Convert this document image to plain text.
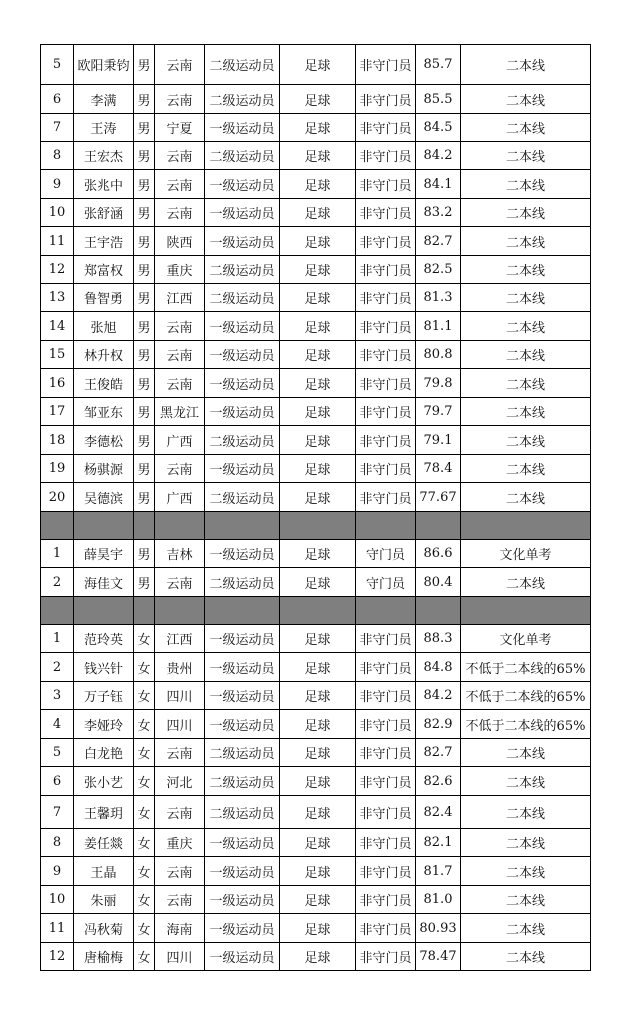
5	欧阳秉钧	男	云南	二级运动员	足球	非守门员	85.7	二本线
6	李满	男	云南	二级运动员	足球	非守门员	85.5	二本线
7	王涛	男	宁夏	一级运动员	足球	非守门员	84.5	二本线
8	王宏杰	男	云南	二级运动员	足球	非守门员	84.2	二本线
9	张兆中	男	云南	一级运动员	足球	非守门员	84.1	二本线
10	张舒涵	男	云南	一级运动员	足球	非守门员	83.2	二本线
11	王宇浩	男	陕西	一级运动员	足球	非守门员	82.7	二本线
12	郑富权	男	重庆	二级运动员	足球	非守门员	82.5	二本线
13	鲁智勇	男	江西	二级运动员	足球	非守门员	81.3	二本线
14	张旭	男	云南	一级运动员	足球	非守门员	81.1	二本线
15	林升权	男	云南	一级运动员	足球	非守门员	80.8	二本线
16	王俊皓	男	云南	一级运动员	足球	非守门员	79.8	二本线
17	邹亚东	男	黑龙江	一级运动员	足球	非守门员	79.7	二本线
18	李德松	男	广西	二级运动员	足球	非守门员	79.1	二本线
19	杨骐源	男	云南	一级运动员	足球	非守门员	78.4	二本线
20	吴德滨	男	广西	二级运动员	足球	非守门员	77.67	二本线

1	薛昊宇	男	吉林	一级运动员	足球	守门员	86.6	文化单考
2	海佳文	男	云南	二级运动员	足球	守门员	80.4	二本线

1	范玲英	女	江西	一级运动员	足球	非守门员	88.3	文化单考
2	钱兴针	女	贵州	一级运动员	足球	非守门员	84.8	不低于二本线的65%
3	万子钰	女	四川	一级运动员	足球	非守门员	84.2	不低于二本线的65%
4	李娅玲	女	四川	一级运动员	足球	非守门员	82.9	不低于二本线的65%
5	白龙艳	女	云南	二级运动员	足球	非守门员	82.7	二本线
6	张小艺	女	河北	二级运动员	足球	非守门员	82.6	二本线
7	王馨玥	女	云南	二级运动员	足球	非守门员	82.4	二本线
8	姜任燚	女	重庆	一级运动员	足球	非守门员	82.1	二本线
9	王晶	女	云南	一级运动员	足球	非守门员	81.7	二本线
10	朱丽	女	云南	一级运动员	足球	非守门员	81.0	二本线
11	冯秋菊	女	海南	一级运动员	足球	非守门员	80.93	二本线
12	唐榆梅	女	四川	一级运动员	足球	非守门员	78.47	二本线
